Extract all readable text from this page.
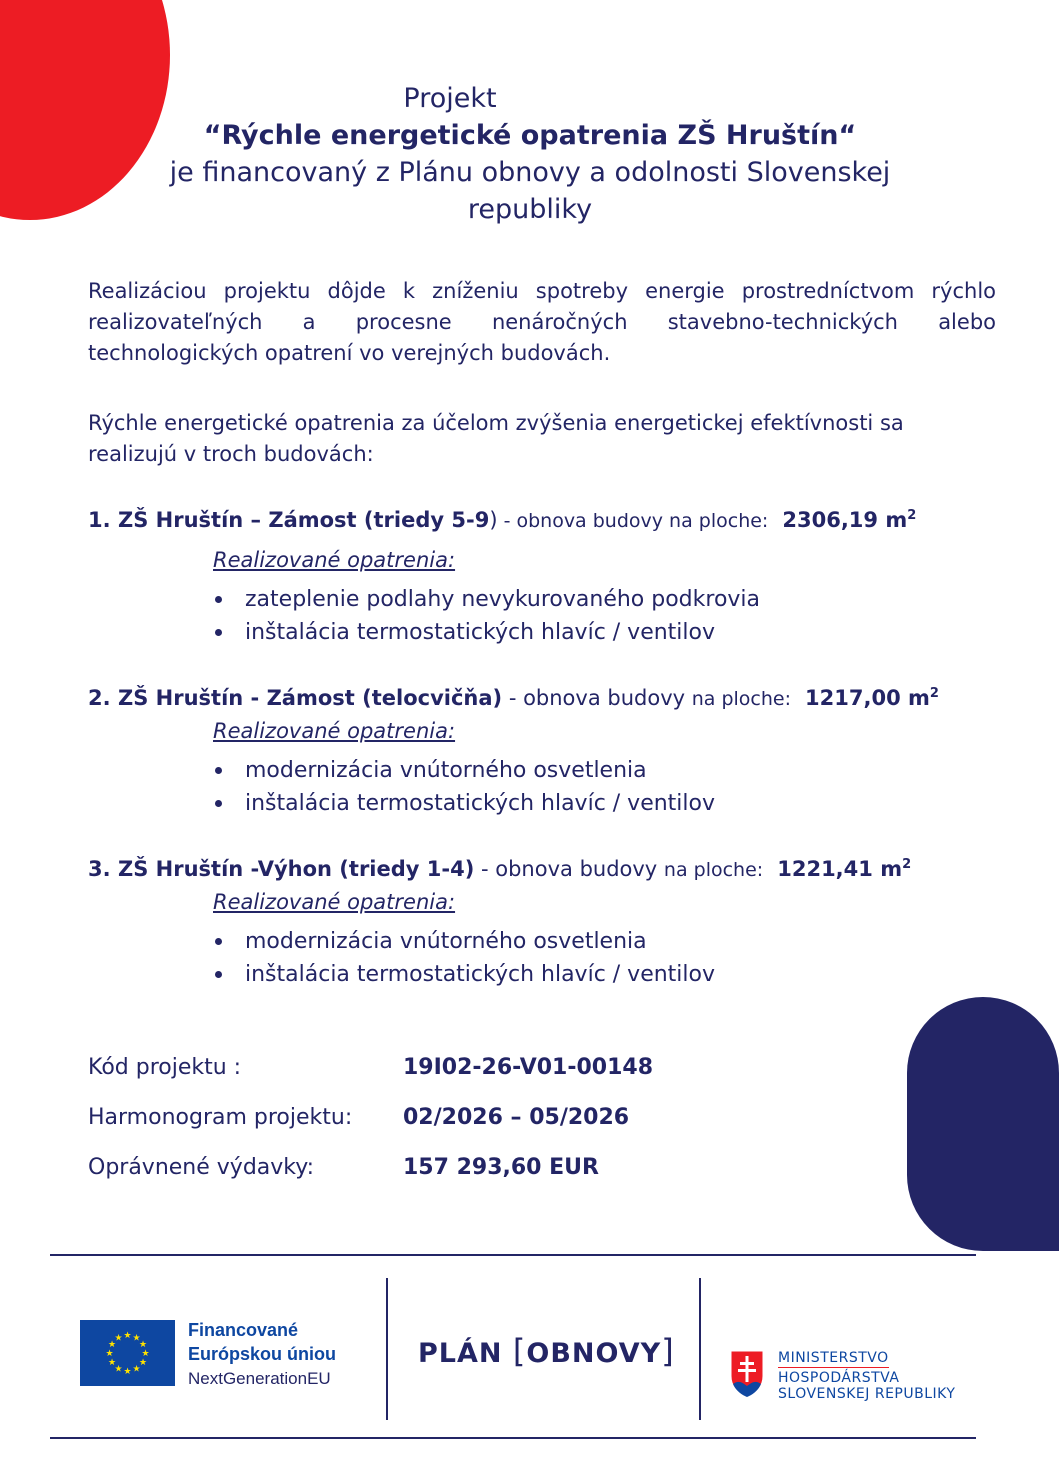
Projekt
“Rýchle energetické opatrenia ZŠ Hruštín“
je financovaný z Plánu obnovy a odolnosti Slovenskej
republiky
Realizáciou projektu dôjde k zníženiu spotreby energie prostredníctvom rýchlo realizovateľných a procesne nenáročných stavebno-technických alebo technologických opatrení vo verejných budovách.
Rýchle energetické opatrenia za účelom zvýšenia energetickej efektívnosti sa realizujú v troch budovách:
1. ZŠ Hruštín – Zámost (triedy 5-9) - obnova budovy na ploche: 2306,19 $m^2$
Realizované opatrenia:
zateplenie podlahy nevykurovaného podkrovia
inštalácia termostatických hlavíc / ventilov
2. ZŠ Hruštín - Zámost (telocvičňa) - obnova budovy na ploche: 1217,00 $m^2$
Realizované opatrenia:
modernizácia vnútorného osvetlenia
inštalácia termostatických hlavíc / ventilov
3. ZŠ Hruštín -Výhon (triedy 1-4) - obnova budovy na ploche: 1221,41 $m^2$
Realizované opatrenia:
modernizácia vnútorného osvetlenia
inštalácia termostatických hlavíc / ventilov
Kód projektu :	19I02-26-V01-00148
Harmonogram projektu: 02/2026 – 05/2026
Oprávnené výdavky:	157 293,60 EUR
★ ★
★
★
★
★
★
★
★
★
★
★	Financované
Európskou úniou
NextGenerationEU
PLÁN [OBNOVY]	MINISTERSTVO
HOSPODÁRSTVA
SLOVENSKEJ REPUBLIKY
